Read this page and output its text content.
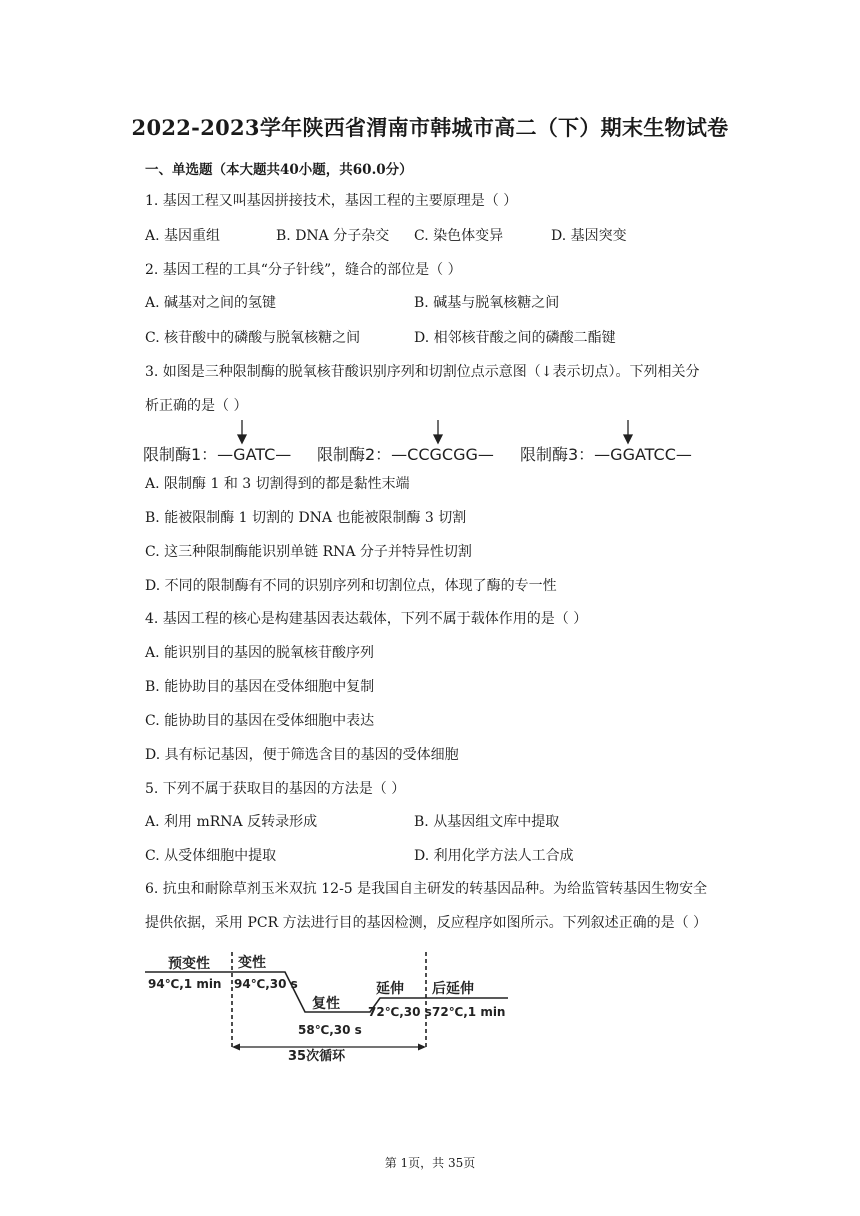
2022-2023学年陕西省渭南市韩城市高二（下）期末生物试卷
一、单选题（本大题共40小题，共60.0分）
1. 基因工程又叫基因拼接技术，基因工程的主要原理是（ ）
A. 基因重组	B. DNA 分子杂交 C. 染色体变异	D. 基因突变
2. 基因工程的工具“分子针线”，缝合的部位是（ ）
A. 碱基对之间的氢键	B. 碱基与脱氧核糖之间
C. 核苷酸中的磷酸与脱氧核糖之间	D. 相邻核苷酸之间的磷酸二酯键
3. 如图是三种限制酶的脱氧核苷酸识别序列和切割位点示意图（↓表示切点）。下列相关分
析正确的是（ ）
限制酶1：—GATC— 限制酶2：—CCGCGG— 限制酶3：—GGATCC—
A. 限制酶 1 和 3 切割得到的都是黏性末端
B. 能被限制酶 1 切割的 DNA 也能被限制酶 3 切割
C. 这三种限制酶能识别单链 RNA 分子并特异性切割
D. 不同的限制酶有不同的识别序列和切割位点，体现了酶的专一性
4. 基因工程的核心是构建基因表达载体，下列不属于载体作用的是（ ）
A. 能识别目的基因的脱氧核苷酸序列
B. 能协助目的基因在受体细胞中复制
C. 能协助目的基因在受体细胞中表达
D. 具有标记基因，便于筛选含目的基因的受体细胞
5. 下列不属于获取目的基因的方法是（ ）
A. 利用 mRNA 反转录形成	B. 从基因组文库中提取
C. 从受体细胞中提取	D. 利用化学方法人工合成
6. 抗虫和耐除草剂玉米双抗 12-5 是我国自主研发的转基因品种。为给监管转基因生物安全
提供依据，采用 PCR 方法进行目的基因检测，反应程序如图所示。下列叙述正确的是（ ）
预变性 变性
复性
延伸 后延伸
94℃,1 min 94℃,30 s
58℃,30 s
72℃,30 s 72℃,1 min
35次循环
第 1页，共 35页
